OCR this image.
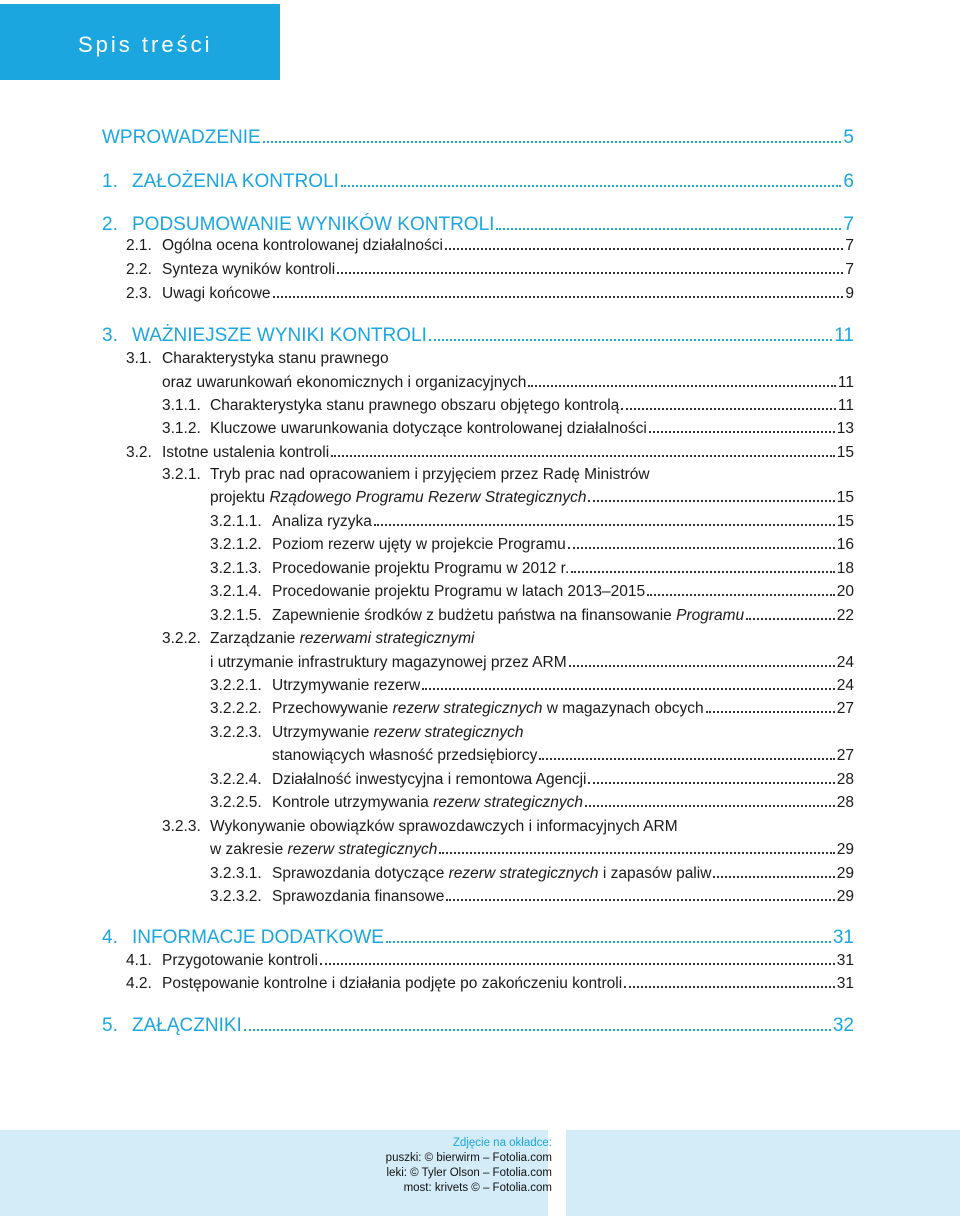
Spis treści
WPROWADZENIE	5
1. ZAŁOŻENIA KONTROLI	6
2. PODSUMOWANIE WYNIKÓW KONTROLI	7
2.1. Ogólna ocena kontrolowanej działalności	7
2.2. Synteza wyników kontroli	7
2.3. Uwagi końcowe	9
3. WAŻNIEJSZE WYNIKI KONTROLI	11
3.1. Charakterystyka stanu prawnego
oraz uwarunkowań ekonomicznych i organizacyjnych	11
3.1.1. Charakterystyka stanu prawnego obszaru objętego kontrolą	11
3.1.2. Kluczowe uwarunkowania dotyczące kontrolowanej działalności	13
3.2. Istotne ustalenia kontroli	15
3.2.1. Tryb prac nad opracowaniem i przyjęciem przez Radę Ministrów
projektu Rządowego Programu Rezerw Strategicznych	15
3.2.1.1. Analiza ryzyka	15
3.2.1.2. Poziom rezerw ujęty w projekcie Programu	16
3.2.1.3. Procedowanie projektu Programu w 2012 r.	18
3.2.1.4. Procedowanie projektu Programu w latach 2013–2015	20
3.2.1.5. Zapewnienie środków z budżetu państwa na finansowanie Programu	22
3.2.2. Zarządzanie rezerwami strategicznymi
i utrzymanie infrastruktury magazynowej przez ARM	24
3.2.2.1. Utrzymywanie rezerw	24
3.2.2.2. Przechowywanie rezerw strategicznych w magazynach obcych	27
3.2.2.3. Utrzymywanie rezerw strategicznych
stanowiących własność przedsiębiorcy	27
3.2.2.4. Działalność inwestycyjna i remontowa Agencji	28
3.2.2.5. Kontrole utrzymywania rezerw strategicznych	28
3.2.3. Wykonywanie obowiązków sprawozdawczych i informacyjnych ARM
w zakresie rezerw strategicznych	29
3.2.3.1. Sprawozdania dotyczące rezerw strategicznych i zapasów paliw	29
3.2.3.2. Sprawozdania finansowe	29
4. INFORMACJE DODATKOWE	31
4.1. Przygotowanie kontroli	31
4.2. Postępowanie kontrolne i działania podjęte po zakończeniu kontroli	31
5. ZAŁĄCZNIKI	32
Zdjęcie na okładce:
puszki: © bierwirm – Fotolia.com
leki: © Tyler Olson – Fotolia.com
most: krivets © – Fotolia.com
